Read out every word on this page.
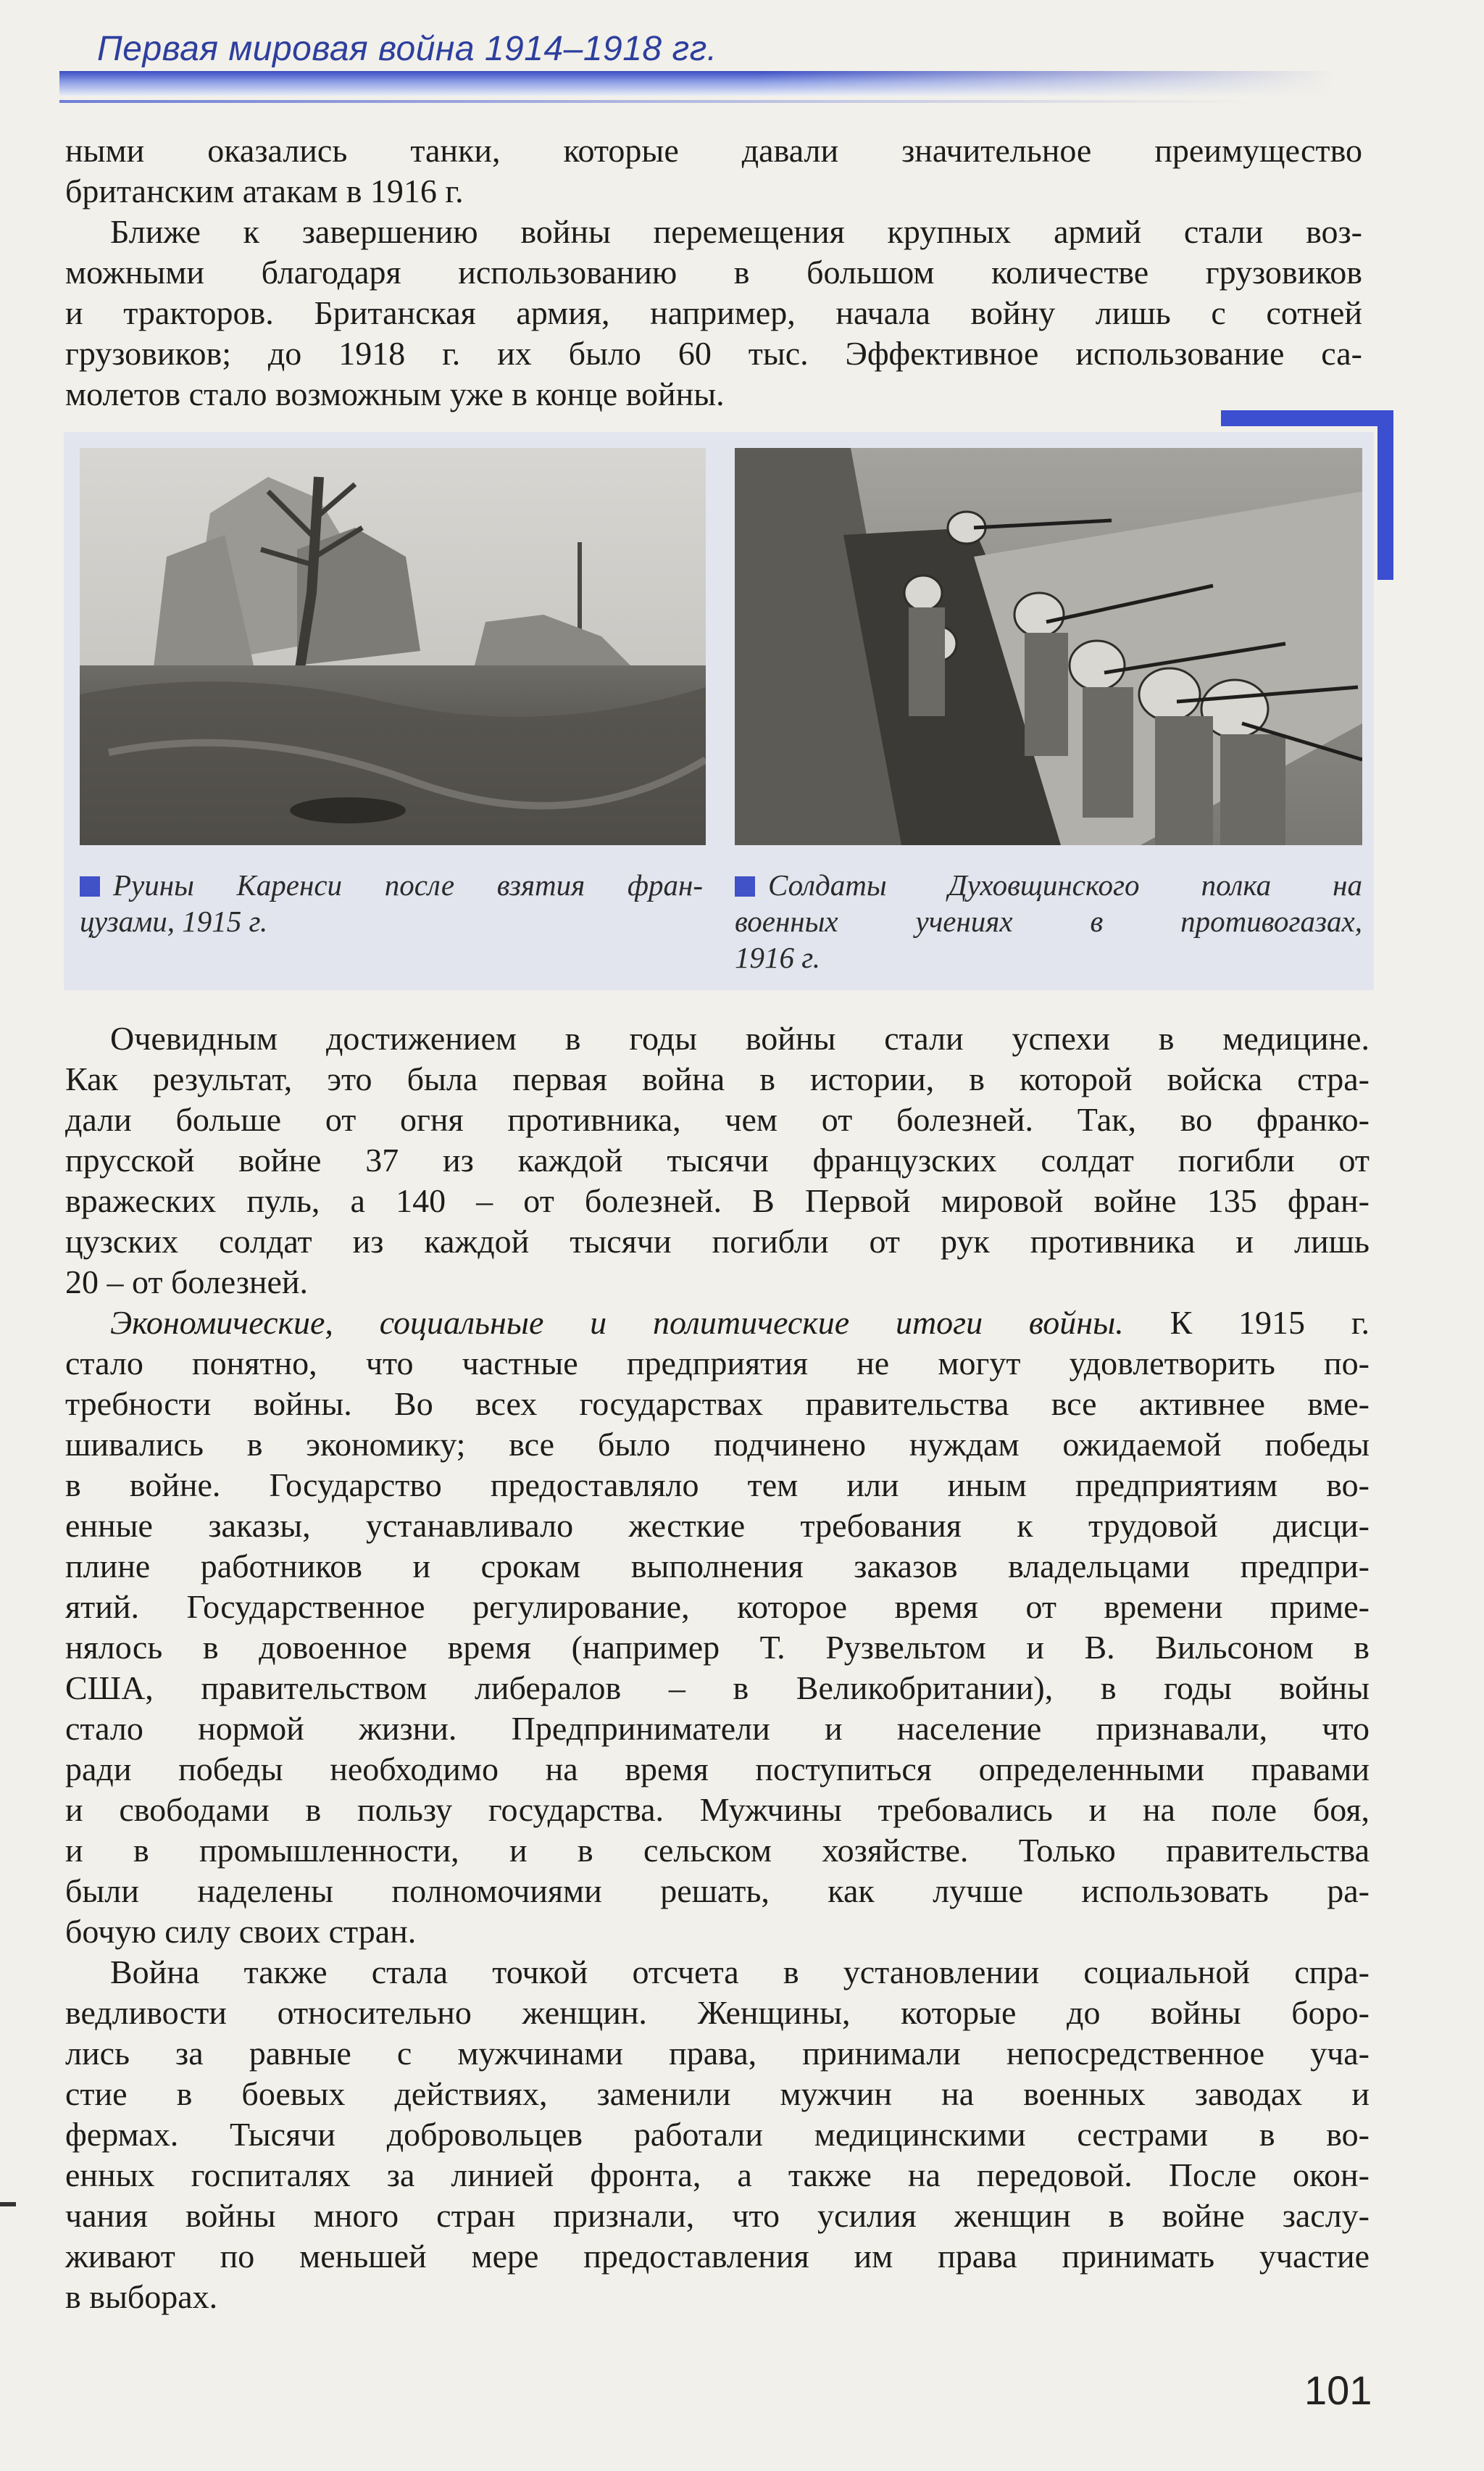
Первая мировая война 1914–1918 гг.

ными оказались танки, которые давали значительное преимущество
британским атакам в 1916 г.

Ближе к завершению войны перемещения крупных армий стали воз-
можными благодаря использованию в большом количестве грузовиков
и тракторов. Британская армия, например, начала войну лишь с сотней
грузовиков; до 1918 г. их было 60 тыс. Эффективное использование са-
молетов стало возможным уже в конце войны.

Руины Каренси после взятия фран-
цузами, 1915 г.
Солдаты Духовщинского полка на
военных учениях в противогазах,
1916 г.

Очевидным достижением в годы войны стали успехи в медицине.
Как результат, это была первая война в истории, в которой войска стра-
дали больше от огня противника, чем от болезней. Так, во франко-
прусской войне 37 из каждой тысячи французских солдат погибли от
вражеских пуль, а 140 – от болезней. В Первой мировой войне 135 фран-
цузских солдат из каждой тысячи погибли от рук противника и лишь
20 – от болезней.

Экономические, социальные и политические итоги войны. К 1915 г.
стало понятно, что частные предприятия не могут удовлетворить по-
требности войны. Во всех государствах правительства все активнее вме-
шивались в экономику; все было подчинено нуждам ожидаемой победы
в войне. Государство предоставляло тем или иным предприятиям во-
енные заказы, устанавливало жесткие требования к трудовой дисци-
плине работников и срокам выполнения заказов владельцами предпри-
ятий. Государственное регулирование, которое время от времени приме-
нялось в довоенное время (например Т. Рузвельтом и В. Вильсоном в
США, правительством либералов – в Великобритании), в годы войны
стало нормой жизни. Предприниматели и население признавали, что
ради победы необходимо на время поступиться определенными правами
и свободами в пользу государства. Мужчины требовались и на поле боя,
и в промышленности, и в сельском хозяйстве. Только правительства
были наделены полномочиями решать, как лучше использовать ра-
бочую силу своих стран.

Война также стала точкой отсчета в установлении социальной спра-
ведливости относительно женщин. Женщины, которые до войны боро-
лись за равные с мужчинами права, принимали непосредственное уча-
стие в боевых действиях, заменили мужчин на военных заводах и
фермах. Тысячи добровольцев работали медицинскими сестрами в во-
енных госпиталях за линией фронта, а также на передовой. После окон-
чания войны много стран признали, что усилия женщин в войне заслу-
живают по меньшей мере предоставления им права принимать участие
в выборах.

101
